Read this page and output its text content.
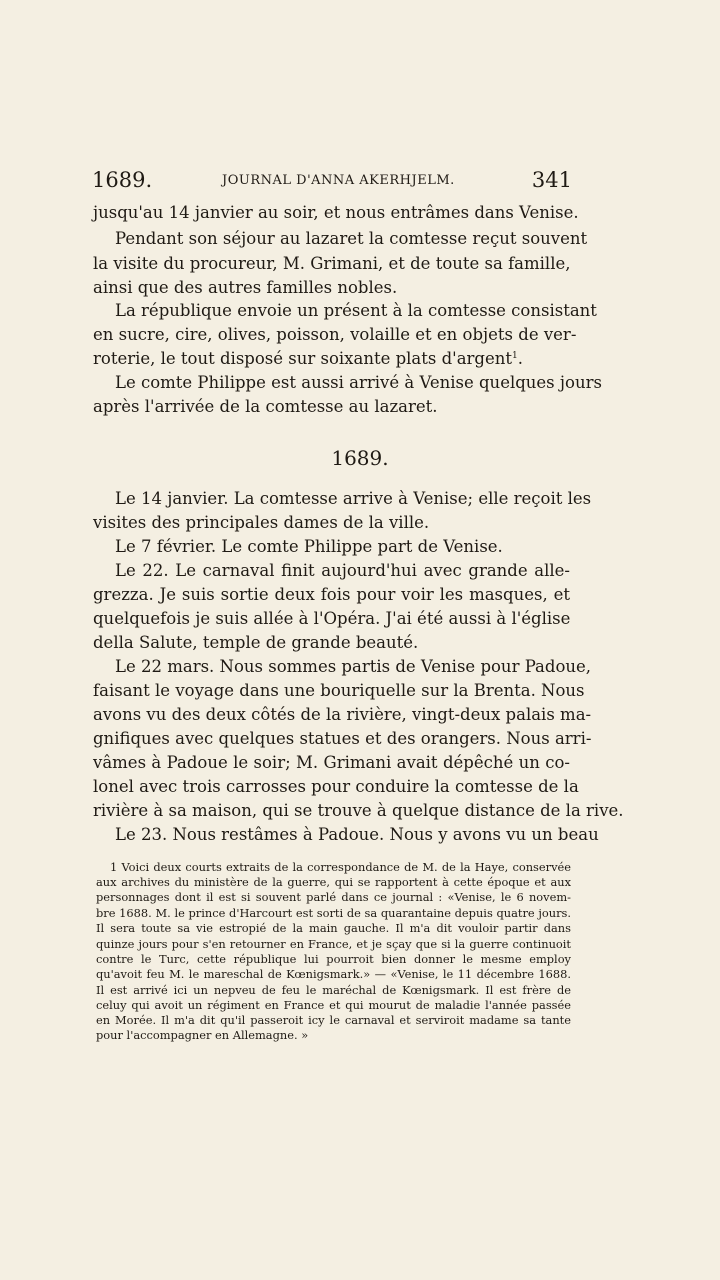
1689.	JOURNAL D'ANNA AKERHJELM.	341
jusqu'au 14 janvier au soir, et nous entrâmes dans Venise.
Pendant son séjour au lazaret la comtesse reçut souvent
la visite du procureur, M. Grimani, et de toute sa famille,
ainsi que des autres familles nobles.
La république envoie un présent à la comtesse consistant
en sucre, cire, olives, poisson, volaille et en objets de ver-
roterie, le tout disposé sur soixante plats d'argent$^1$.
Le comte Philippe est aussi arrivé à Venise quelques jours
après l'arrivée de la comtesse au lazaret.
1689.
Le 14 janvier. La comtesse arrive à Venise; elle reçoit les
visites des principales dames de la ville.
Le 7 février. Le comte Philippe part de Venise.
Le 22. Le carnaval finit aujourd'hui avec grande alle-
grezza. Je suis sortie deux fois pour voir les masques, et
quelquefois je suis allée à l'Opéra. J'ai été aussi à l'église
della Salute, temple de grande beauté.
Le 22 mars. Nous sommes partis de Venise pour Padoue,
faisant le voyage dans une bouriquelle sur la Brenta. Nous
avons vu des deux côtés de la rivière, vingt-deux palais ma-
gnifiques avec quelques statues et des orangers. Nous arri-
vâmes à Padoue le soir; M. Grimani avait dépêché un co-
lonel avec trois carrosses pour conduire la comtesse de la
rivière à sa maison, qui se trouve à quelque distance de la rive.
Le 23. Nous restâmes à Padoue. Nous y avons vu un beau
1 Voici deux courts extraits de la correspondance de M. de la Haye, conservée
aux archives du ministère de la guerre, qui se rapportent à cette époque et aux
personnages dont il est si souvent parlé dans ce journal : «Venise, le 6 novem-
bre 1688. M. le prince d'Harcourt est sorti de sa quarantaine depuis quatre jours.
Il sera toute sa vie estropié de la main gauche. Il m'a dit vouloir partir dans
quinze jours pour s'en retourner en France, et je sçay que si la guerre continuoit
contre le Turc, cette république lui pourroit bien donner le mesme employ
qu'avoit feu M. le mareschal de Kœnigsmark.» — «Venise, le 11 décembre 1688.
Il est arrivé ici un nepveu de feu le maréchal de Kœnigsmark. Il est frère de
celuy qui avoit un régiment en France et qui mourut de maladie l'année passée
en Morée. Il m'a dit qu'il passeroit icy le carnaval et serviroit madame sa tante
pour l'accompagner en Allemagne. »
